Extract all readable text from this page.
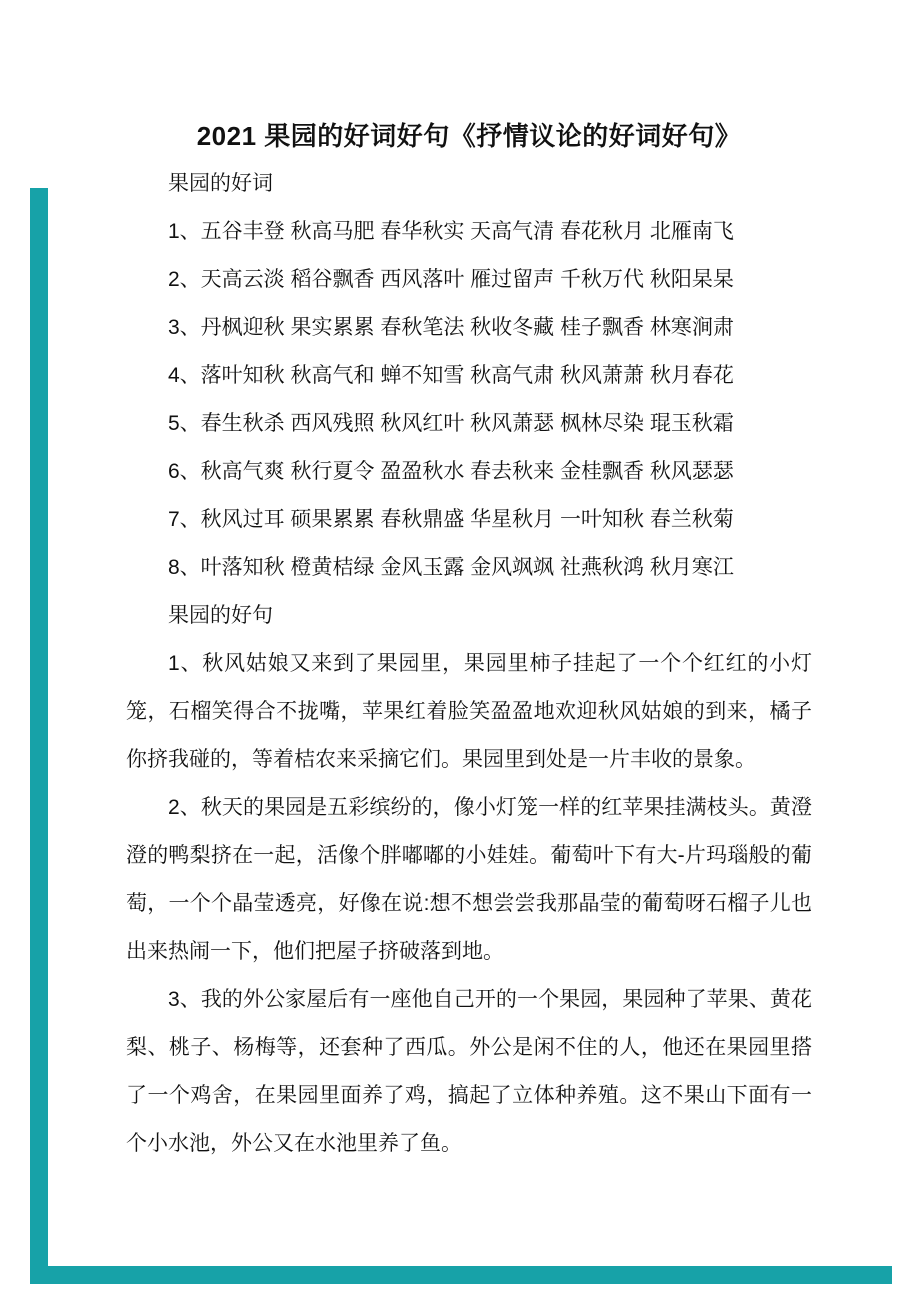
2021 果园的好词好句《抒情议论的好词好句》
果园的好词
1、五谷丰登 秋高马肥 春华秋实 天高气清 春花秋月 北雁南飞
2、天高云淡 稻谷飘香 西风落叶 雁过留声 千秋万代 秋阳杲杲
3、丹枫迎秋 果实累累 春秋笔法 秋收冬藏 桂子飘香 林寒涧肃
4、落叶知秋 秋高气和 蝉不知雪 秋高气肃 秋风萧萧 秋月春花
5、春生秋杀 西风残照 秋风红叶 秋风萧瑟 枫林尽染 琨玉秋霜
6、秋高气爽 秋行夏令 盈盈秋水 春去秋来 金桂飘香 秋风瑟瑟
7、秋风过耳 硕果累累 春秋鼎盛 华星秋月 一叶知秋 春兰秋菊
8、叶落知秋 橙黄桔绿 金风玉露 金风飒飒 社燕秋鸿 秋月寒江
果园的好句

1、秋风姑娘又来到了果园里，果园里柿子挂起了一个个红红的小灯笼，石榴笑得合不拢嘴，苹果红着脸笑盈盈地欢迎秋风姑娘的到来，橘子你挤我碰的，等着桔农来采摘它们。果园里到处是一片丰收的景象。

2、秋天的果园是五彩缤纷的，像小灯笼一样的红苹果挂满枝头。黄澄澄的鸭梨挤在一起，活像个胖嘟嘟的小娃娃。葡萄叶下有大-片玛瑙般的葡萄，一个个晶莹透亮，好像在说:想不想尝尝我那晶莹的葡萄呀石榴子儿也出来热闹一下，他们把屋子挤破落到地。

3、我的外公家屋后有一座他自己开的一个果园，果园种了苹果、黄花梨、桃子、杨梅等，还套种了西瓜。外公是闲不住的人，他还在果园里搭了一个鸡舍，在果园里面养了鸡，搞起了立体种养殖。这不果山下面有一个小水池，外公又在水池里养了鱼。
